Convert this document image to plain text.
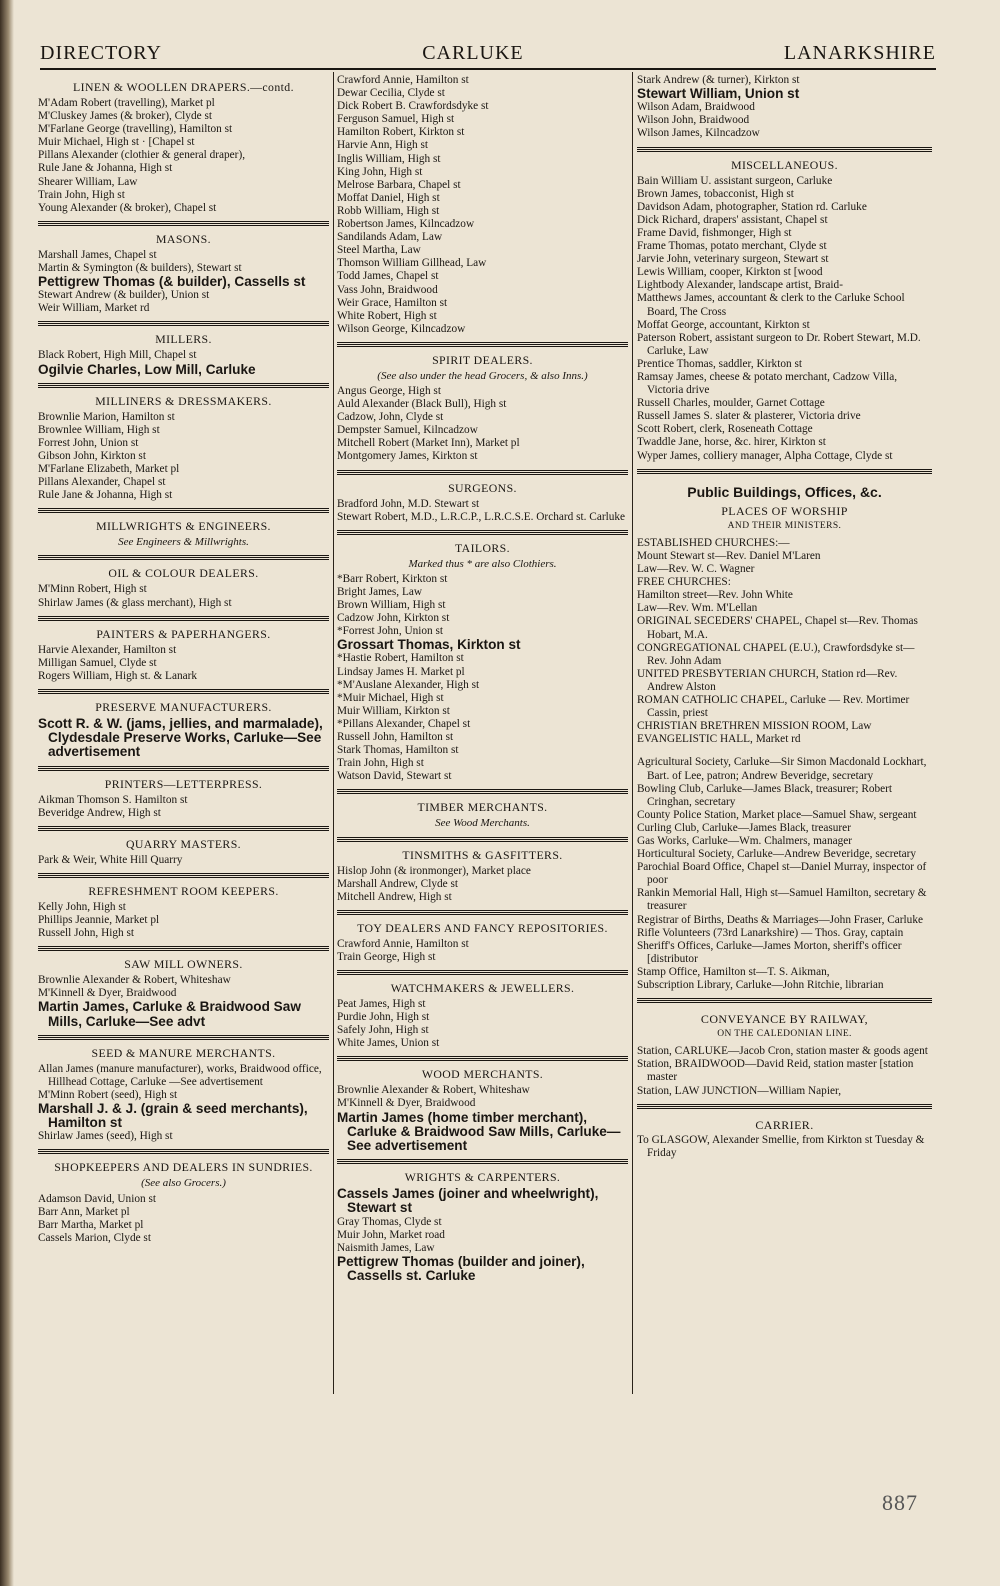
DIRECTORY	CARLUKE	LANARKSHIRE
LINEN & WOOLLEN DRAPERS.—contd.
M'Adam Robert (travelling), Market pl
M'Cluskey James (& broker), Clyde st
M'Farlane George (travelling), Hamilton st
Muir Michael, High st · [Chapel st
Pillans Alexander (clothier & general draper),
Rule Jane & Johanna, High st
Shearer William, Law
Train John, High st
Young Alexander (& broker), Chapel st
MASONS.
Marshall James, Chapel st
Martin & Symington (& builders), Stewart st
Pettigrew Thomas (& builder), Cassells st
Stewart Andrew (& builder), Union st
Weir William, Market rd
MILLERS.
Black Robert, High Mill, Chapel st
Ogilvie Charles, Low Mill, Carluke
MILLINERS & DRESSMAKERS.
Brownlie Marion, Hamilton st
Brownlee William, High st
Forrest John, Union st
Gibson John, Kirkton st
M'Farlane Elizabeth, Market pl
Pillans Alexander, Chapel st
Rule Jane & Johanna, High st
MILLWRIGHTS & ENGINEERS.
See Engineers & Millwrights.
OIL & COLOUR DEALERS.
M'Minn Robert, High st
Shirlaw James (& glass merchant), High st
PAINTERS & PAPERHANGERS.
Harvie Alexander, Hamilton st
Milligan Samuel, Clyde st
Rogers William, High st. & Lanark
PRESERVE MANUFACTURERS.
Scott R. & W. (jams, jellies, and marmalade), Clydesdale Preserve Works, Carluke—See advertisement
PRINTERS—LETTERPRESS.
Aikman Thomson S. Hamilton st
Beveridge Andrew, High st
QUARRY MASTERS.
Park & Weir, White Hill Quarry
REFRESHMENT ROOM KEEPERS.
Kelly John, High st
Phillips Jeannie, Market pl
Russell John, High st
SAW MILL OWNERS.
Brownlie Alexander & Robert, Whiteshaw
M'Kinnell & Dyer, Braidwood
Martin James, Carluke & Braidwood Saw Mills, Carluke—See advt
SEED & MANURE MERCHANTS.
Allan James (manure manufacturer), works, Braidwood office, Hillhead Cottage, Carluke —See advertisement
M'Minn Robert (seed), High st
Marshall J. & J. (grain & seed merchants), Hamilton st
Shirlaw James (seed), High st
SHOPKEEPERS AND DEALERS IN SUNDRIES.
(See also Grocers.)
Adamson David, Union st
Barr Ann, Market pl
Barr Martha, Market pl
Cassels Marion, Clyde st
Crawford Annie, Hamilton st
Dewar Cecilia, Clyde st
Dick Robert B. Crawfordsdyke st
Ferguson Samuel, High st
Hamilton Robert, Kirkton st
Harvie Ann, High st
Inglis William, High st
King John, High st
Melrose Barbara, Chapel st
Moffat Daniel, High st
Robb William, High st
Robertson James, Kilncadzow
Sandilands Adam, Law
Steel Martha, Law
Thomson William Gillhead, Law
Todd James, Chapel st
Vass John, Braidwood
Weir Grace, Hamilton st
White Robert, High st
Wilson George, Kilncadzow
SPIRIT DEALERS.
(See also under the head Grocers, & also Inns.)
Angus George, High st
Auld Alexander (Black Bull), High st
Cadzow, John, Clyde st
Dempster Samuel, Kilncadzow
Mitchell Robert (Market Inn), Market pl
Montgomery James, Kirkton st
SURGEONS.
Bradford John, M.D. Stewart st
Stewart Robert, M.D., L.R.C.P., L.R.C.S.E. Orchard st. Carluke
TAILORS.
Marked thus * are also Clothiers.
*Barr Robert, Kirkton st
Bright James, Law
Brown William, High st
Cadzow John, Kirkton st
*Forrest John, Union st
Grossart Thomas, Kirkton st
*Hastie Robert, Hamilton st
Lindsay James H. Market pl
*M'Auslane Alexander, High st
*Muir Michael, High st
Muir William, Kirkton st
*Pillans Alexander, Chapel st
Russell John, Hamilton st
Stark Thomas, Hamilton st
Train John, High st
Watson David, Stewart st
TIMBER MERCHANTS.
See Wood Merchants.
TINSMITHS & GASFITTERS.
Hislop John (& ironmonger), Market place
Marshall Andrew, Clyde st
Mitchell Andrew, High st
TOY DEALERS AND FANCY REPOSITORIES.
Crawford Annie, Hamilton st
Train George, High st
WATCHMAKERS & JEWELLERS.
Peat James, High st
Purdie John, High st
Safely John, High st
White James, Union st
WOOD MERCHANTS.
Brownlie Alexander & Robert, Whiteshaw
M'Kinnell & Dyer, Braidwood
Martin James (home timber merchant), Carluke & Braidwood Saw Mills, Carluke—See advertisement
WRIGHTS & CARPENTERS.
Cassels James (joiner and wheelwright), Stewart st
Gray Thomas, Clyde st
Muir John, Market road
Naismith James, Law
Pettigrew Thomas (builder and joiner), Cassells st. Carluke
Stark Andrew (& turner), Kirkton st
Stewart William, Union st
Wilson Adam, Braidwood
Wilson John, Braidwood
Wilson James, Kilncadzow
MISCELLANEOUS.
Bain William U. assistant surgeon, Carluke
Brown James, tobacconist, High st
Davidson Adam, photographer, Station rd. Carluke
Dick Richard, drapers' assistant, Chapel st
Frame David, fishmonger, High st
Frame Thomas, potato merchant, Clyde st
Jarvie John, veterinary surgeon, Stewart st
Lewis William, cooper, Kirkton st [wood
Lightbody Alexander, landscape artist, Braid-
Matthews James, accountant & clerk to the Carluke School Board, The Cross
Moffat George, accountant, Kirkton st
Paterson Robert, assistant surgeon to Dr. Robert Stewart, M.D. Carluke, Law
Prentice Thomas, saddler, Kirkton st
Ramsay James, cheese & potato merchant, Cadzow Villa, Victoria drive
Russell Charles, moulder, Garnet Cottage
Russell James S. slater & plasterer, Victoria drive
Scott Robert, clerk, Roseneath Cottage
Twaddle Jane, horse, &c. hirer, Kirkton st
Wyper James, colliery manager, Alpha Cottage, Clyde st
Public Buildings, Offices, &c.
PLACES OF WORSHIP
AND THEIR MINISTERS.
ESTABLISHED CHURCHES:—
Mount Stewart st—Rev. Daniel M'Laren
Law—Rev. W. C. Wagner
FREE CHURCHES:
Hamilton street—Rev. John White
Law—Rev. Wm. M'Lellan
ORIGINAL SECEDERS' CHAPEL, Chapel st—Rev. Thomas Hobart, M.A.
CONGREGATIONAL CHAPEL (E.U.), Crawfordsdyke st—Rev. John Adam
UNITED PRESBYTERIAN CHURCH, Station rd—Rev. Andrew Alston
ROMAN CATHOLIC CHAPEL, Carluke — Rev. Mortimer Cassin, priest
CHRISTIAN BRETHREN MISSION ROOM, Law
EVANGELISTIC HALL, Market rd
Agricultural Society, Carluke—Sir Simon Macdonald Lockhart, Bart. of Lee, patron; Andrew Beveridge, secretary
Bowling Club, Carluke—James Black, treasurer; Robert Cringhan, secretary
County Police Station, Market place—Samuel Shaw, sergeant
Curling Club, Carluke—James Black, treasurer
Gas Works, Carluke—Wm. Chalmers, manager
Horticultural Society, Carluke—Andrew Beveridge, secretary
Parochial Board Office, Chapel st—Daniel Murray, inspector of poor
Rankin Memorial Hall, High st—Samuel Hamilton, secretary & treasurer
Registrar of Births, Deaths & Marriages—John Fraser, Carluke
Rifle Volunteers (73rd Lanarkshire) — Thos. Gray, captain
Sheriff's Offices, Carluke—James Morton, sheriff's officer [distributor
Stamp Office, Hamilton st—T. S. Aikman,
Subscription Library, Carluke—John Ritchie, librarian
CONVEYANCE BY RAILWAY,
ON THE CALEDONIAN LINE.
Station, CARLUKE—Jacob Cron, station master & goods agent
Station, BRAIDWOOD—David Reid, station master [station master
Station, LAW JUNCTION—William Napier,
CARRIER.
To GLASGOW, Alexander Smellie, from Kirkton st Tuesday & Friday
887
